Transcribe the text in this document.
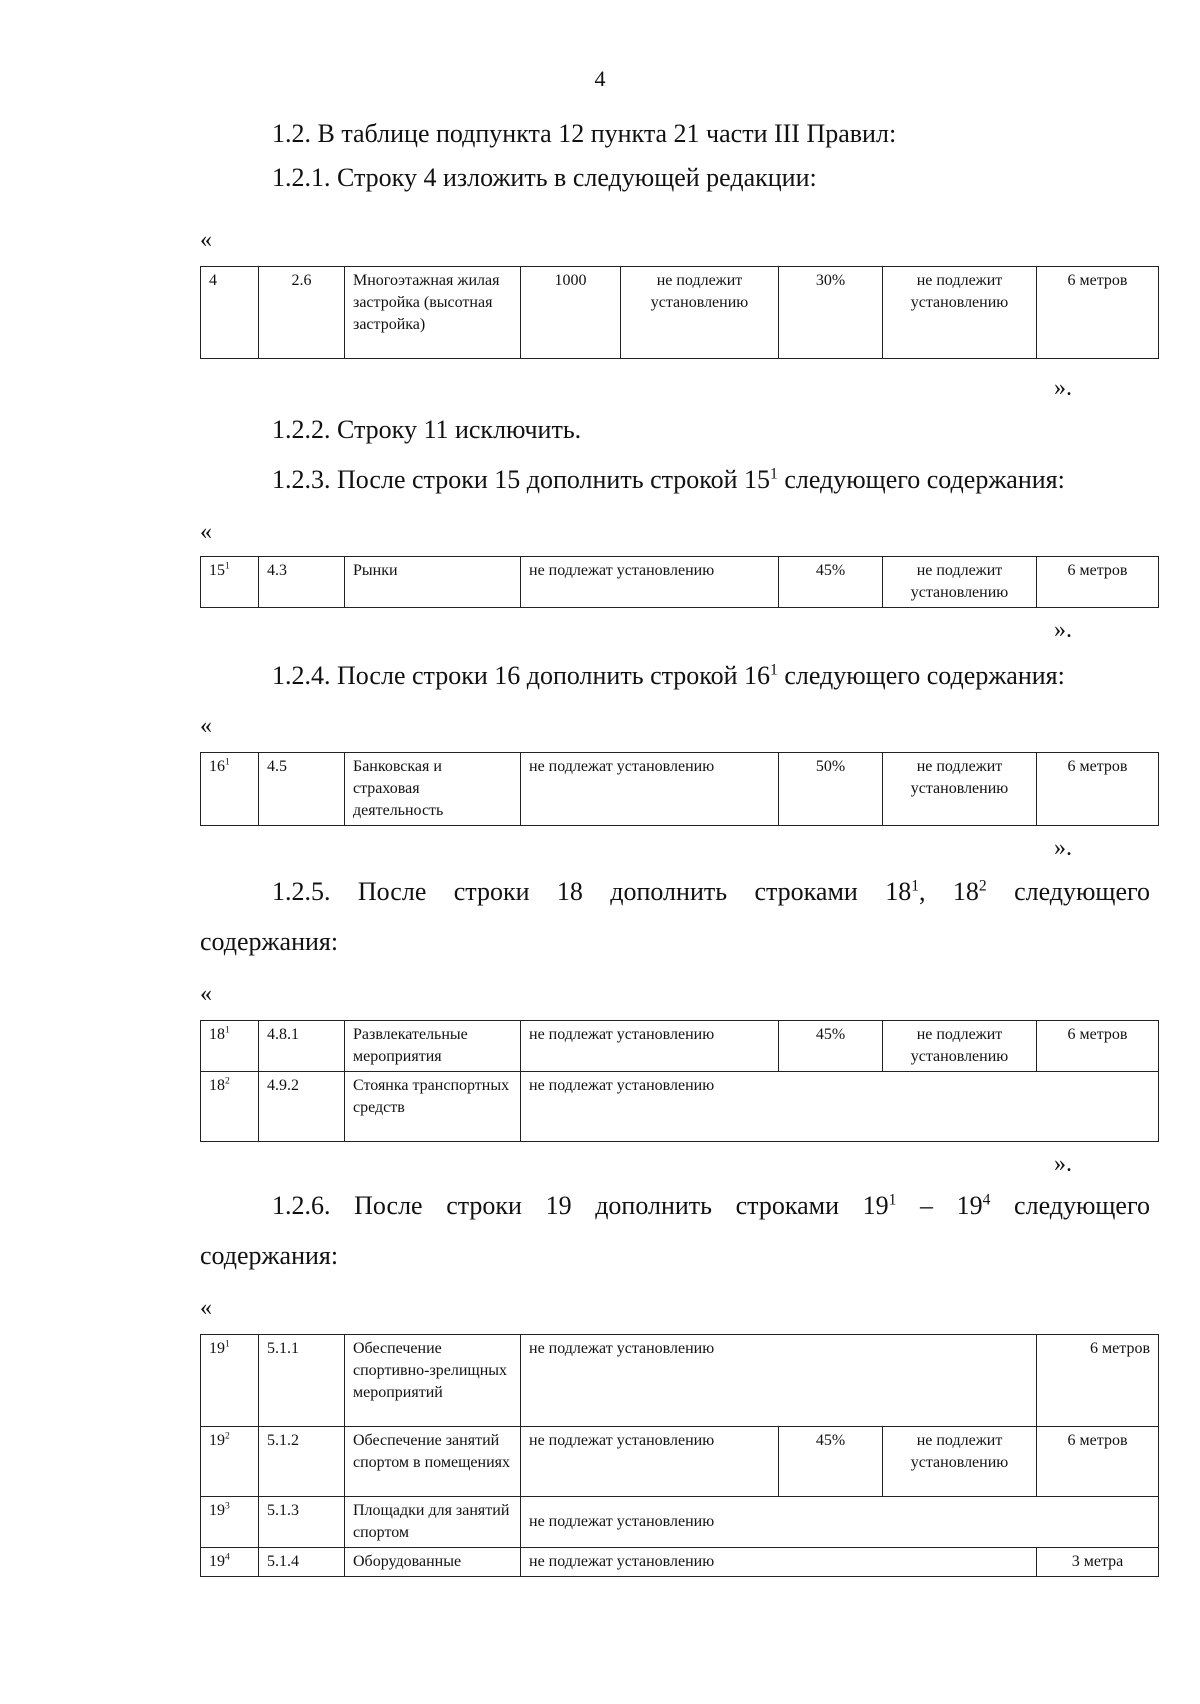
4
1.2. В таблице подпункта 12 пункта 21 части III Правил:
1.2.1. Строку 4 изложить в следующей редакции:
«
4	2.6	Многоэтажная жилая застройка (высотная застройка)	1000	не подлежит установлению	30%	не подлежит установлению	6 метров
».
1.2.2. Строку 11 исключить.
1.2.3. После строки 15 дополнить строкой $15^1$ следующего содержания:
«
$15^1$	4.3	Рынки	не подлежат установлению	45%	не подлежит установлению	6 метров
».
1.2.4. После строки 16 дополнить строкой $16^1$ следующего содержания:
«
$16^1$	4.5	Банковская и страховая деятельность	не подлежат установлению	50%	не подлежит установлению	6 метров
».
1.2.5. После строки 18 дополнить строками $18^1$, $18^2$ следующего
содержания:
«
$18^1$	4.8.1	Развлекательные мероприятия	не подлежат установлению	45%	не подлежит установлению	6 метров
$18^2$	4.9.2	Стоянка транспортных средств	не подлежат установлению			
».
1.2.6. После строки 19 дополнить строками $19^1 - 19^4$ следующего
содержания:
«
$19^1$	5.1.1	Обеспечение спортивно-зрелищных мероприятий	не подлежат установлению			6 метров
$19^2$	5.1.2	Обеспечение занятий спортом в помещениях	не подлежат установлению	45%	не подлежит установлению	6 метров
$19^3$	5.1.3	Площадки для занятий спортом	не подлежат установлению			
$19^4$	5.1.4	Оборудованные	не подлежат установлению			3 метра
